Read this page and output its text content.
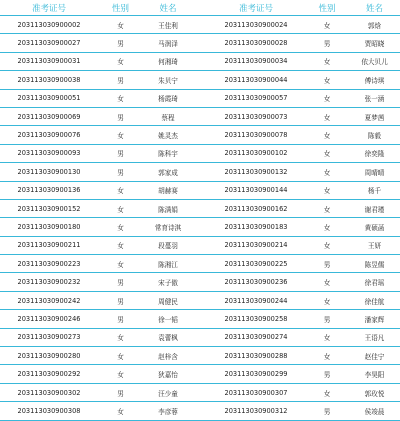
准考证号	性别	姓名		准考证号	性别	姓名
203113030900002	女	王佳利		203113030900024	女	郭焓
203113030900027	男	马润泽		203113030900028	男	贾昭晓
203113030900031	女	何湘琦		203113030900034	女	依大贝儿
203113030900038	男	朱贝宁		203113030900044	女	傅诗琪
203113030900051	女	杨霞琦		203113030900057	女	张一涵
203113030900069	男	蔡程		203113030900073	女	夏梦茜
203113030900076	女	姚灵杰		203113030900078	女	陈毅
203113030900093	男	陈科宇		203113030900102	女	徐奕隆
203113030900130	男	郭家成		203113030900132	女	周晴晴
203113030900136	女	胡赫赛		203113030900144	女	杨千
203113030900152	女	陈满娟		203113030900162	女	谢君瑾
203113030900180	女	常育诗淇		203113030900183	女	黄硕菡
203113030900211	女	段蔓羽		203113030900214	女	王妍
203113030900223	女	陈湘江		203113030900225	男	陈昱儒
203113030900232	男	宋子傲		203113030900236	女	徐君瑶
203113030900242	男	周健民		203113030900244	女	徐佳航
203113030900246	男	徐一韬		203113030900258	男	潘家辉
203113030900273	女	袁蕾枫		203113030900274	女	王语凡
203113030900280	女	赵梓含		203113030900288	女	赵佳宁
203113030900292	女	狄嘉怡		203113030900299	男	李昊阳
203113030900302	男	汪少童		203113030900307	女	郭玫悦
203113030900308	女	李彦蓉		203113030900312	男	侯竣晨
